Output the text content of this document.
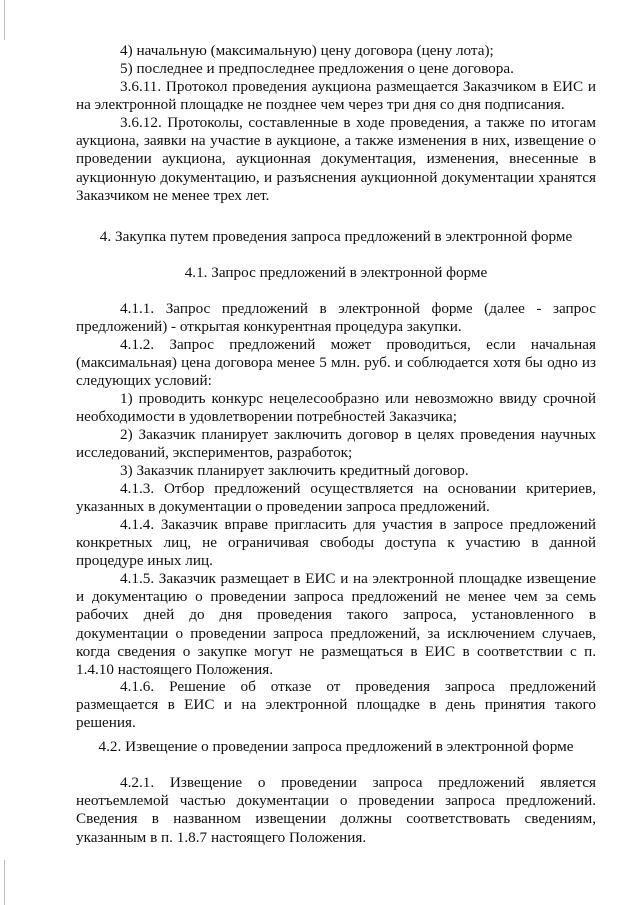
4) начальную (максимальную) цену договора (цену лота);

5) последнее и предпоследнее предложения о цене договора.

3.6.11. Протокол проведения аукциона размещается Заказчиком в ЕИС и на электронной площадке не позднее чем через три дня со дня подписания.

3.6.12. Протоколы, составленные в ходе проведения, а также по итогам аукциона, заявки на участие в аукционе, а также изменения в них, извещение о проведении аукциона, аукционная документация, изменения, внесенные в аукционную документацию, и разъяснения аукционной документации хранятся Заказчиком не менее трех лет.

4. Закупка путем проведения запроса предложений в электронной форме

4.1. Запрос предложений в электронной форме

4.1.1. Запрос предложений в электронной форме (далее - запрос предложений) - открытая конкурентная процедура закупки.

4.1.2. Запрос предложений может проводиться, если начальная (максимальная) цена договора менее 5 млн. руб. и соблюдается хотя бы одно из следующих условий:

1) проводить конкурс нецелесообразно или невозможно ввиду срочной необходимости в удовлетворении потребностей Заказчика;

2) Заказчик планирует заключить договор в целях проведения научных исследований, экспериментов, разработок;

3) Заказчик планирует заключить кредитный договор.

4.1.3. Отбор предложений осуществляется на основании критериев, указанных в документации о проведении запроса предложений.

4.1.4. Заказчик вправе пригласить для участия в запросе предложений конкретных лиц, не ограничивая свободы доступа к участию в данной процедуре иных лиц.

4.1.5. Заказчик размещает в ЕИС и на электронной площадке извещение и документацию о проведении запроса предложений не менее чем за семь рабочих дней до дня проведения такого запроса, установленного в документации о проведении запроса предложений, за исключением случаев, когда сведения о закупке могут не размещаться в ЕИС в соответствии с п. 1.4.10 настоящего Положения.

4.1.6. Решение об отказе от проведения запроса предложений размещается в ЕИС и на электронной площадке в день принятия такого решения.

4.2. Извещение о проведении запроса предложений в электронной форме

4.2.1. Извещение о проведении запроса предложений является неотъемлемой частью документации о проведении запроса предложений. Сведения в названном извещении должны соответствовать сведениям, указанным в п. 1.8.7 настоящего Положения.
